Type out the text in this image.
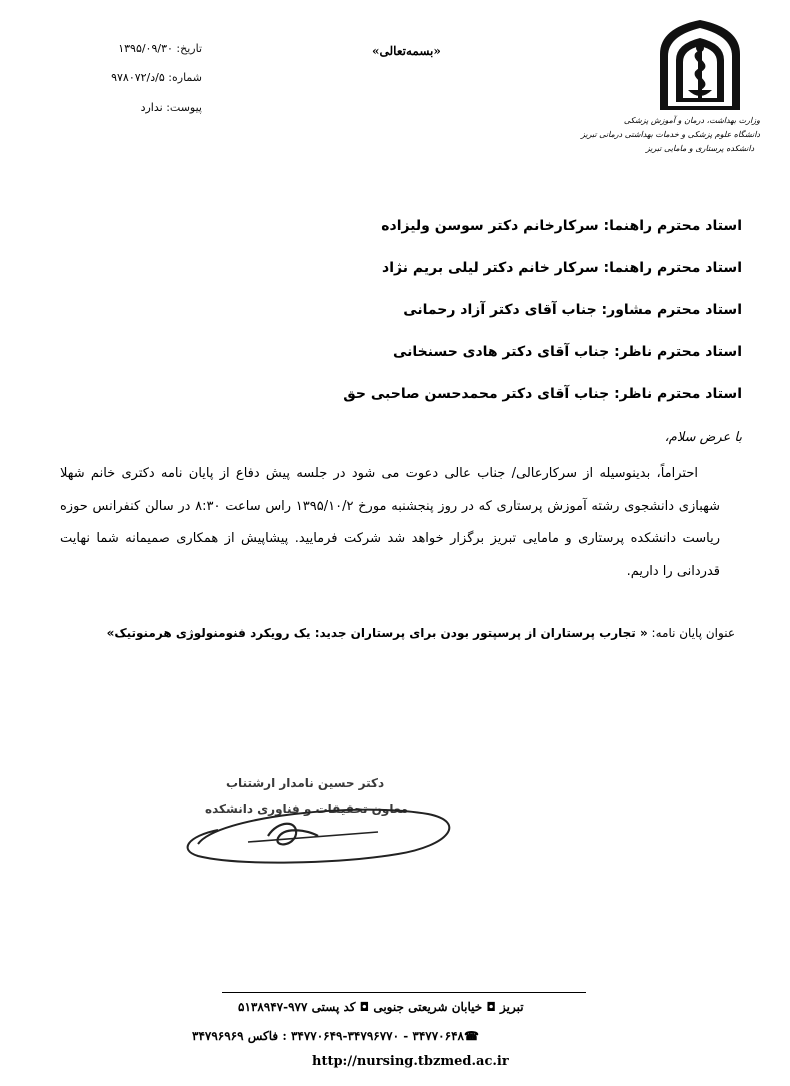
تاریخ: ۱۳۹۵/۰۹/۳۰
شماره: ۵/د/۹۷۸۰۷۲
پیوست: ندارد
«بسمه‌تعالی»
وزارت بهداشت، درمان و آموزش پزشکی
دانشگاه علوم پزشکی و خدمات بهداشتی درمانی تبریز
دانشکده پرستاری و مامایی تبریز
استاد محترم راهنما: سرکارخانم دکتر سوسن ولیزاده
استاد محترم راهنما: سرکار خانم دکتر لیلی بریم نژاد
استاد محترم مشاور: جناب آقای دکتر آزاد رحمانی
استاد محترم ناظر: جناب آقای دکتر هادی حسنخانی
استاد محترم ناظر: جناب آقای دکتر محمدحسن صاحبی حق
با عرض سلام،
احتراماً، بدینوسیله از سرکارعالی/ جناب عالی دعوت می شود در جلسه پیش دفاع از پایان نامه دکتری خانم شهلا شهبازی دانشجوی رشته آموزش پرستاری که در روز پنجشنبه مورخ ۱۳۹۵/۱۰/۲ راس ساعت ۸:۳۰ در سالن کنفرانس حوزه ریاست دانشکده پرستاری و مامایی تبریز برگزار خواهد شد شرکت فرمایید. پیشاپیش از همکاری صمیمانه شما نهایت قدردانی را داریم.
عنوان پایان نامه: « تجارب پرستاران از پرسپتور بودن برای پرستاران جدید: یک رویکرد فنومنولوژی هرمنوتیک»
دکتر حسین نامدار ارشتناب
معاون تحقیقات و فناوری دانشکده
تبریز ◘ خیابان شریعتی جنوبی ◘ کد پستی ۹۷۷-۵۱۳۸۹۴۷
☎۳۴۷۷۰۶۴۸ - ۳۴۷۷۰۶۴۹-۳۴۷۹۶۷۷۰ : فاکس ۳۴۷۹۶۹۶۹
http://nursing.tbzmed.ac.ir
